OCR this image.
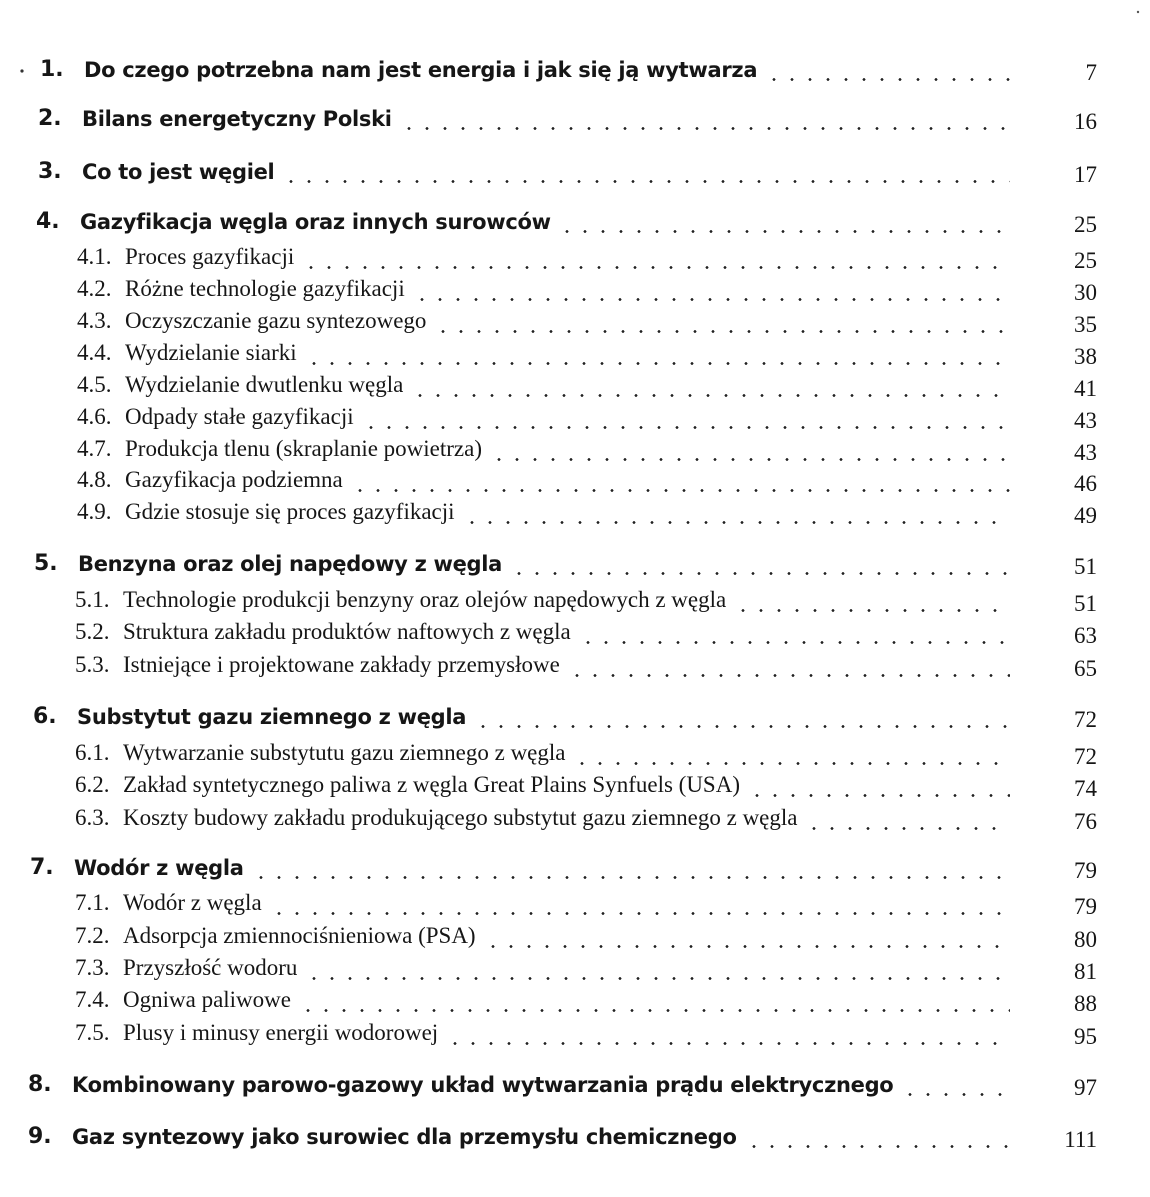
1. Do czego potrzebna nam jest energia i jak się ją wytwarza	7
2. Bilans energetyczny Polski	16
3. Co to jest węgiel	17
4. Gazyfikacja węgla oraz innych surowców	25
4.1. Proces gazyfikacji	25
4.2. Różne technologie gazyfikacji	30
4.3. Oczyszczanie gazu syntezowego	35
4.4. Wydzielanie siarki	38
4.5. Wydzielanie dwutlenku węgla	41
4.6. Odpady stałe gazyfikacji	43
4.7. Produkcja tlenu (skraplanie powietrza)	43
4.8. Gazyfikacja podziemna	46
4.9. Gdzie stosuje się proces gazyfikacji	49
5. Benzyna oraz olej napędowy z węgla	51
5.1. Technologie produkcji benzyny oraz olejów napędowych z węgla	51
5.2. Struktura zakładu produktów naftowych z węgla	63
5.3. Istniejące i projektowane zakłady przemysłowe	65
6. Substytut gazu ziemnego z węgla	72
6.1. Wytwarzanie substytutu gazu ziemnego z węgla	72
6.2. Zakład syntetycznego paliwa z węgla Great Plains Synfuels (USA)	74
6.3. Koszty budowy zakładu produkującego substytut gazu ziemnego z węgla	76
7. Wodór z węgla	79
7.1. Wodór z węgla	79
7.2. Adsorpcja zmiennociśnieniowa (PSA)	80
7.3. Przyszłość wodoru	81
7.4. Ogniwa paliwowe	88
7.5. Plusy i minusy energii wodorowej	95
8. Kombinowany parowo-gazowy układ wytwarzania prądu elektrycznego	97
9. Gaz syntezowy jako surowiec dla przemysłu chemicznego	111
